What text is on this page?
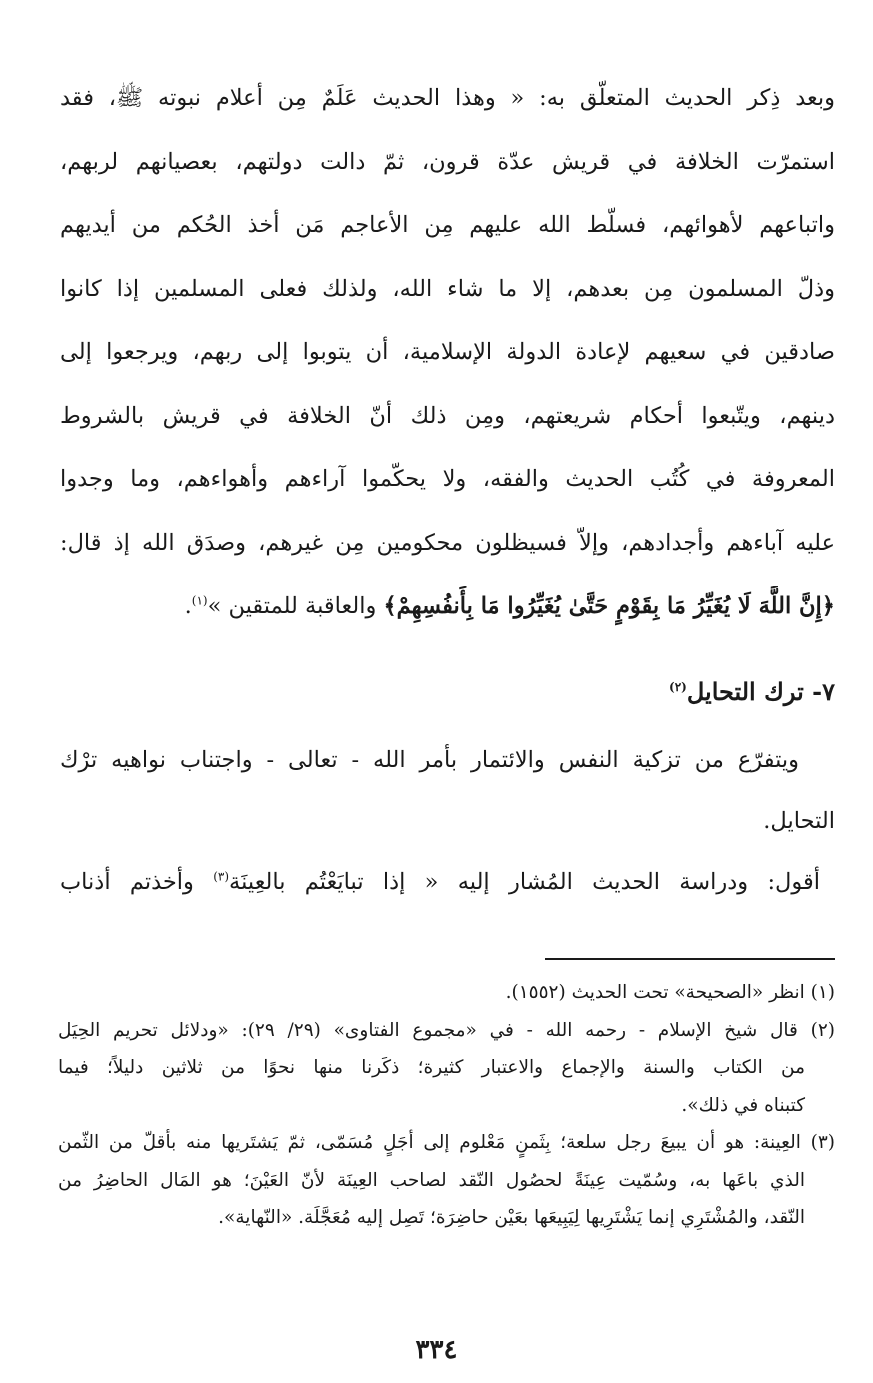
وبعد ذِكر الحديث المتعلّق به: « وهذا الحديث عَلَمٌ مِن أعلام نبوته ﷺ، فقد
استمرّت الخلافة في قريش عدّة قرون، ثمّ دالت دولتهم، بعصيانهم لربهم،
واتباعهم لأهوائهم، فسلّط الله عليهم مِن الأعاجم مَن أخذ الحُكم من أيديهم
وذلّ المسلمون مِن بعدهم، إلا ما شاء الله، ولذلك فعلى المسلمين إذا كانوا
صادقين في سعيهم لإعادة الدولة الإسلامية، أن يتوبوا إلى ربهم، ويرجعوا إلى
دينهم، ويتّبعوا أحكام شريعتهم، ومِن ذلك أنّ الخلافة في قريش بالشروط
المعروفة في كُتُب الحديث والفقه، ولا يحكّموا آراءهم وأهواءهم، وما وجدوا
عليه آباءهم وأجدادهم، وإلاّ فسيظلون محكومين مِن غيرهم، وصدَق الله إذ قال:
﴿إِنَّ اللَّهَ لَا يُغَيِّرُ مَا بِقَوْمٍ حَتَّىٰ يُغَيِّرُوا مَا بِأَنفُسِهِمْ﴾ والعاقبة للمتقين »$^{(١)}$.
٧- ترك التحايل$^{(٢)}$
ويتفرّع من تزكية النفس والائتمار بأمر الله - تعالى - واجتناب نواهيه ترْك
التحايل.
أقول: ودراسة الحديث المُشار إليه « إذا تبايَعْتُم بالعِينَة$^{(٣)}$ وأخذتم أذناب
(١) انظر «الصحيحة» تحت الحديث (١٥٥٢).
(٢) قال شيخ الإسلام - رحمه الله - في «مجموع الفتاوى» (٢٩/ ٢٩): «ودلائل تحريم الحِيَل
من الكتاب والسنة والإجماع والاعتبار كثيرة؛ ذكَرنا منها نحوًا من ثلاثين دليلاً؛ فيما
كتبناه في ذلك».
(٣) العِينة: هو أن يبيعَ رجل سلعة؛ بِثَمنٍ مَعْلوم إلى أجَلٍ مُسَمّى، ثمّ يَشتَريها منه بأقلّ من الثّمن
الذي باعَها به، وسُمّيت عِينَةً لحصُول النّقد لصاحب العِينَة لأنّ العَيْنَ؛ هو المَال الحاضِرُ من
النّقد، والمُشْتَرِي إنما يَشْتَرِيها لِيَبِيعَها بعَيْن حاضِرَة؛ تَصِل إليه مُعَجَّلَة. «النّهاية».
٣٣٤
